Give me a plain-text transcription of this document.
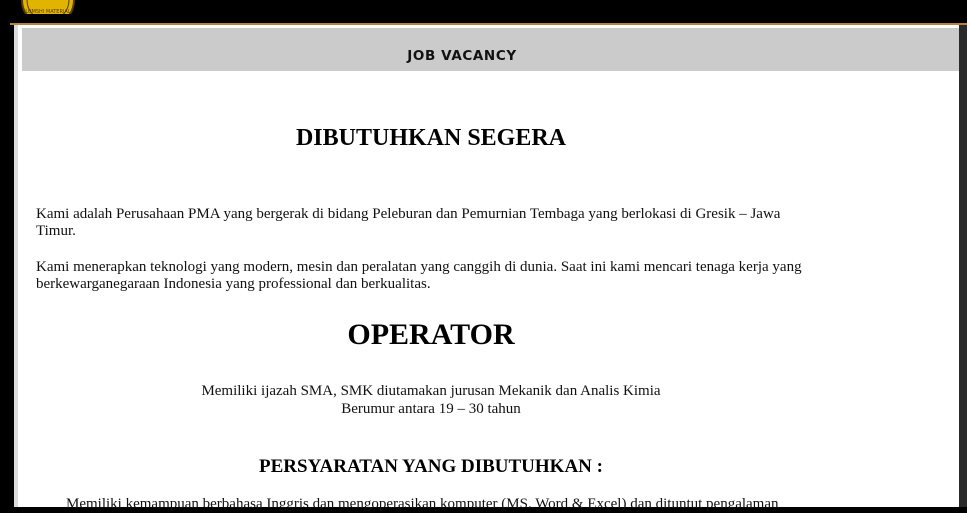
LUMSHI MATERIAL
JOB VACANCY
DIBUTUHKAN SEGERA

Kami adalah Perusahaan PMA yang bergerak di bidang Peleburan dan Pemurnian Tembaga yang berlokasi di Gresik – Jawa Timur.

Kami menerapkan teknologi yang modern, mesin dan peralatan yang canggih di dunia. Saat ini kami mencari tenaga kerja yang berkewarganegaraan Indonesia yang professional dan berkualitas.

OPERATOR
Memiliki ijazah SMA, SMK diutamakan jurusan Mekanik dan Analis Kimia
Berumur antara 19 – 30 tahun
PERSYARATAN YANG DIBUTUHKAN :
Memiliki kemampuan berbahasa Inggris dan mengoperasikan komputer (MS. Word & Excel) dan dituntut pengalaman
